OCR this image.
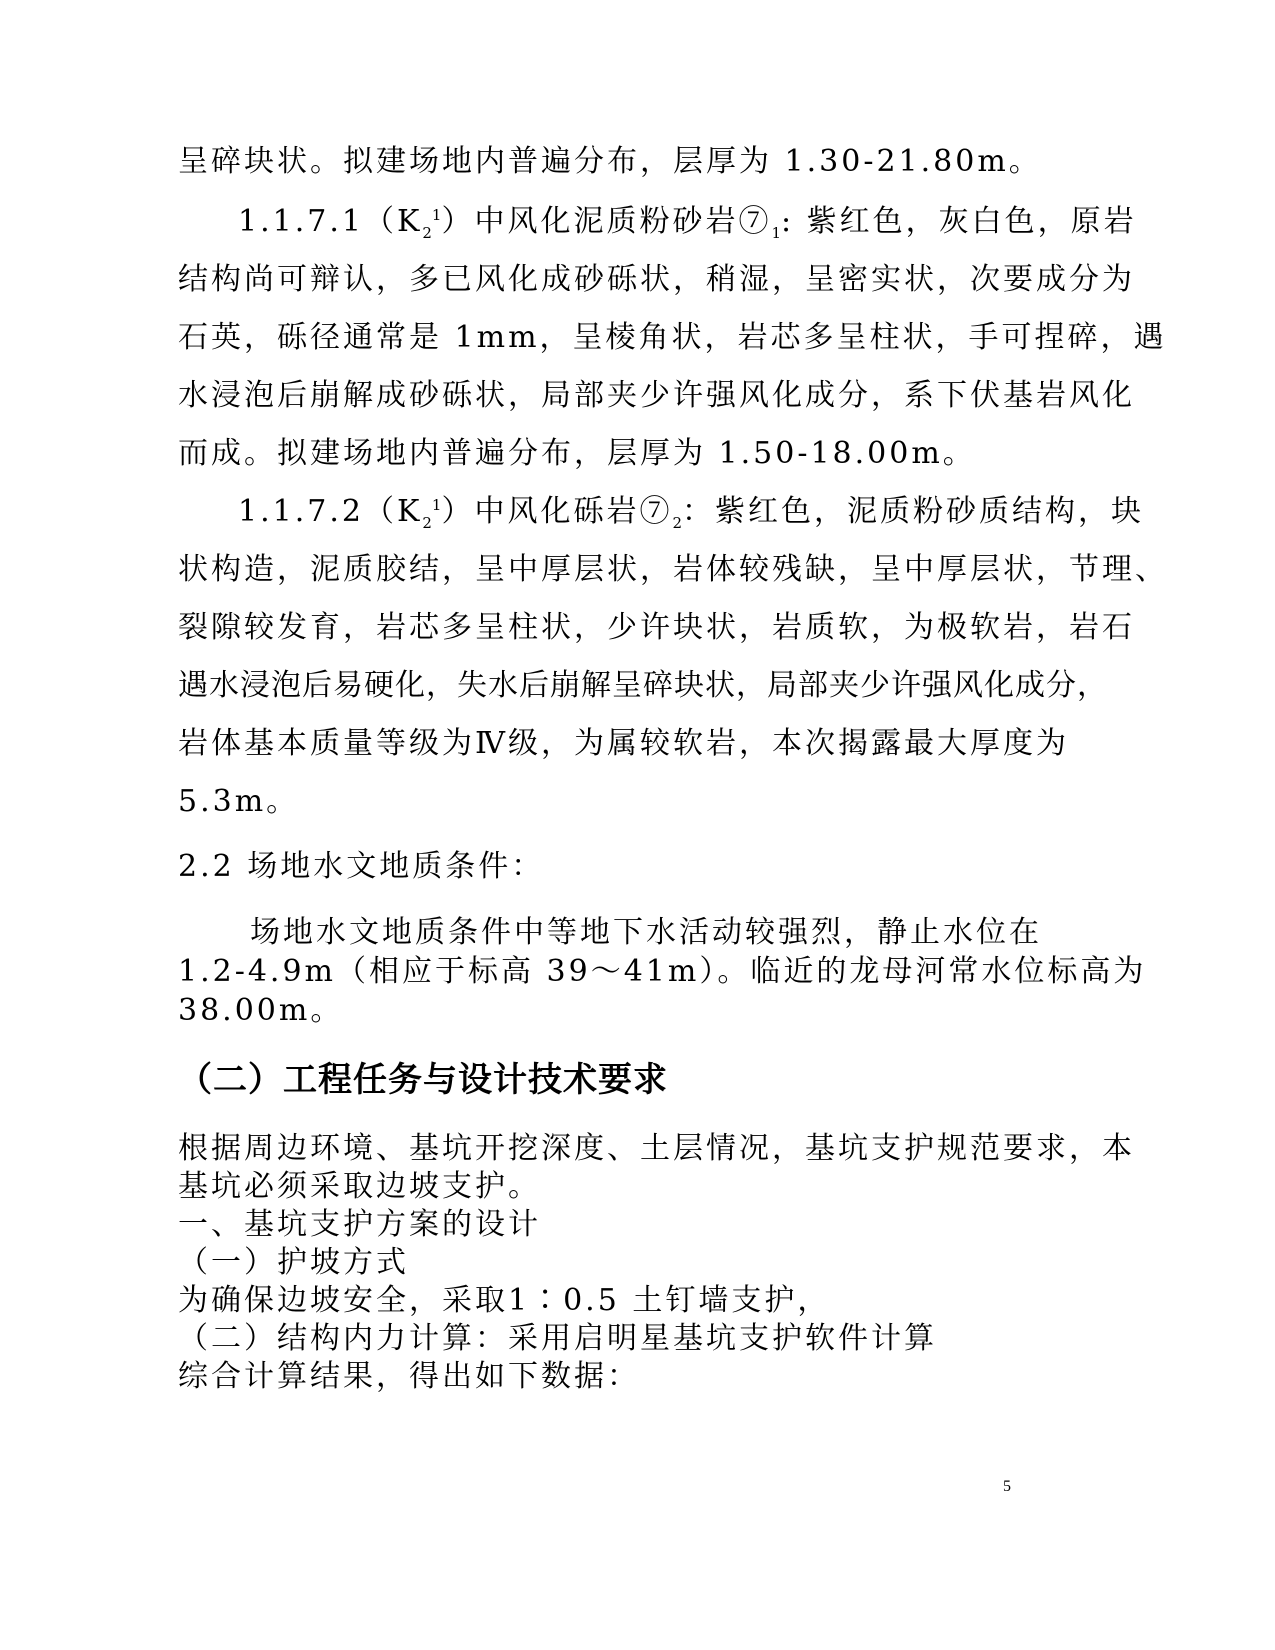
呈碎块状。拟建场地内普遍分布，层厚为 1.30-21.80m。

$1.1.7.1(K_2^1)$中风化泥质粉砂岩$⑦_1$: 紫红色，灰白色，原岩

结构尚可辩认，多已风化成砂砾状，稍湿，呈密实状，次要成分为

石英，砾径通常是 1mm，呈棱角状，岩芯多呈柱状，手可捏碎，遇

水浸泡后崩解成砂砾状，局部夹少许强风化成分，系下伏基岩风化

而成。拟建场地内普遍分布，层厚为 1.50-18.00m。

$1.1.7.2(K_2^1)$中风化砾岩$⑦_2$：紫红色，泥质粉砂质结构，块

状构造，泥质胶结，呈中厚层状，岩体较残缺，呈中厚层状，节理、

裂隙较发育，岩芯多呈柱状，少许块状，岩质软，为极软岩，岩石

遇水浸泡后易硬化，失水后崩解呈碎块状，局部夹少许强风化成分，

岩体基本质量等级为Ⅳ级，为属较软岩，本次揭露最大厚度为

5.3m。

2.2 场地水文地质条件：

场地水文地质条件中等地下水活动较强烈，静止水位在

1.2-4.9m（相应于标高 39～41m）。临近的龙母河常水位标高为

38.00m。

（二）工程任务与设计技术要求

根据周边环境、基坑开挖深度、土层情况，基坑支护规范要求，本

基坑必须采取边坡支护。

一、基坑支护方案的设计

（一）护坡方式

为确保边坡安全，采取1∶0.5 土钉墙支护，

（二）结构内力计算：采用启明星基坑支护软件计算

综合计算结果，得出如下数据：

5
